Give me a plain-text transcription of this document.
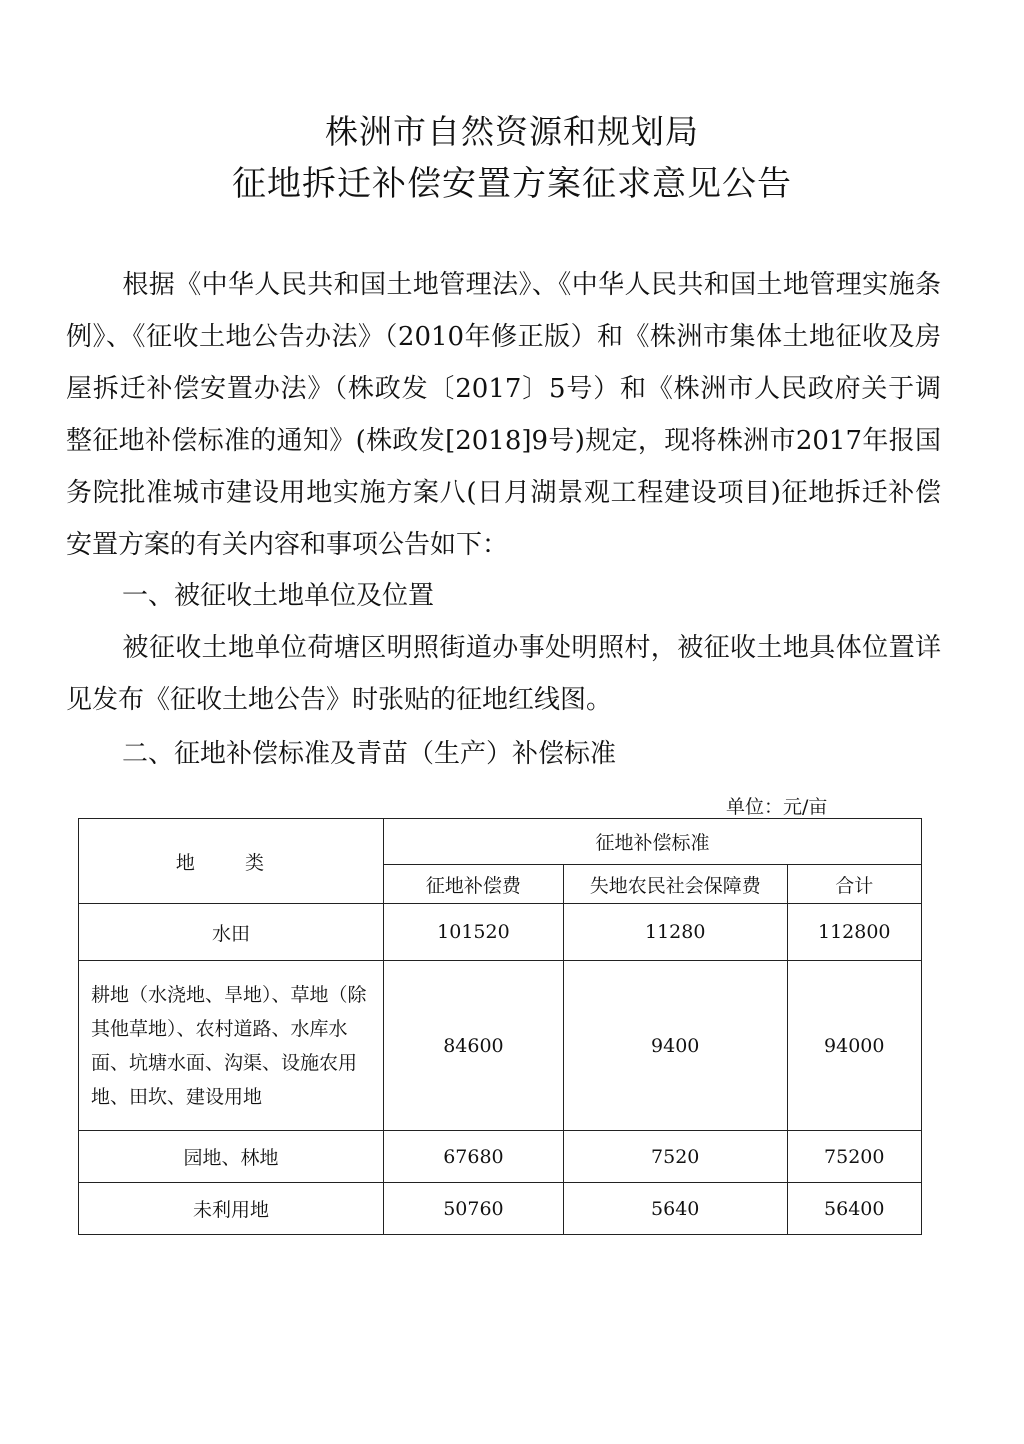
株洲市自然资源和规划局
征地拆迁补偿安置方案征求意见公告

根据《中华人民共和国土地管理法》、《中华人民共和国土地管理实施条例》、《征收土地公告办法》（2010年修正版）和《株洲市集体土地征收及房屋拆迁补偿安置办法》（株政发〔2017〕5号）和《株洲市人民政府关于调整征地补偿标准的通知》(株政发[2018]9号)规定，现将株洲市2017年报国务院批准城市建设用地实施方案八(日月湖景观工程建设项目)征地拆迁补偿安置方案的有关内容和事项公告如下：

一、被征收土地单位及位置

被征收土地单位荷塘区明照街道办事处明照村，被征收土地具体位置详见发布《征收土地公告》时张贴的征地红线图。

二、征地补偿标准及青苗（生产）补偿标准

单位：元/亩
地 类	征地补偿标准		
	征地补偿费	失地农民社会保障费	合计
水田	101520	11280	112800
耕地（水浇地、旱地）、草地（除其他草地）、农村道路、水库水面、坑塘水面、沟渠、设施农用地、田坎、建设用地	84600	9400	94000
园地、林地	67680	7520	75200
未利用地	50760	5640	56400
